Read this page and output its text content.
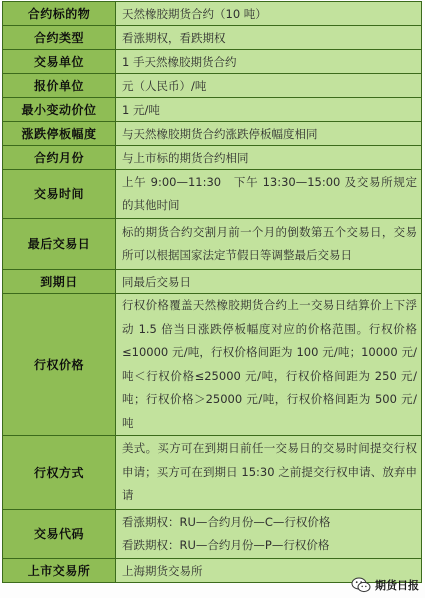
合约标的物	天然橡胶期货合约（10 吨）
合约类型	看涨期权，看跌期权
交易单位	1 手天然橡胶期货合约
报价单位	元（人民币）/吨
最小变动价位	1 元/吨
涨跌停板幅度	与天然橡胶期货合约涨跌停板幅度相同
合约月份	与上市标的期货合约相同
交易时间	上午 9:00—11:30　下午 13:30—15:00 及交易所规定的其他时间
最后交易日	标的期货合约交割月前一个月的倒数第五个交易日，交易所可以根据国家法定节假日等调整最后交易日
到期日	同最后交易日
行权价格	行权价格覆盖天然橡胶期货合约上一交易日结算价上下浮动 1.5 倍当日涨跌停板幅度对应的价格范围。行权价格≤10000 元/吨，行权价格间距为 100 元/吨；10000 元/吨＜行权价格≤25000 元/吨，行权价格间距为 250 元/吨；行权价格＞25000 元/吨，行权价格间距为 500 元/吨
行权方式	美式。买方可在到期日前任一交易日的交易时间提交行权申请；买方可在到期日 15:30 之前提交行权申请、放弃申请
交易代码	看涨期权：RU—合约月份—C—行权价格
看跌期权：RU—合约月份—P—行权价格

上市交易所	上海期货交易所
期货日报
